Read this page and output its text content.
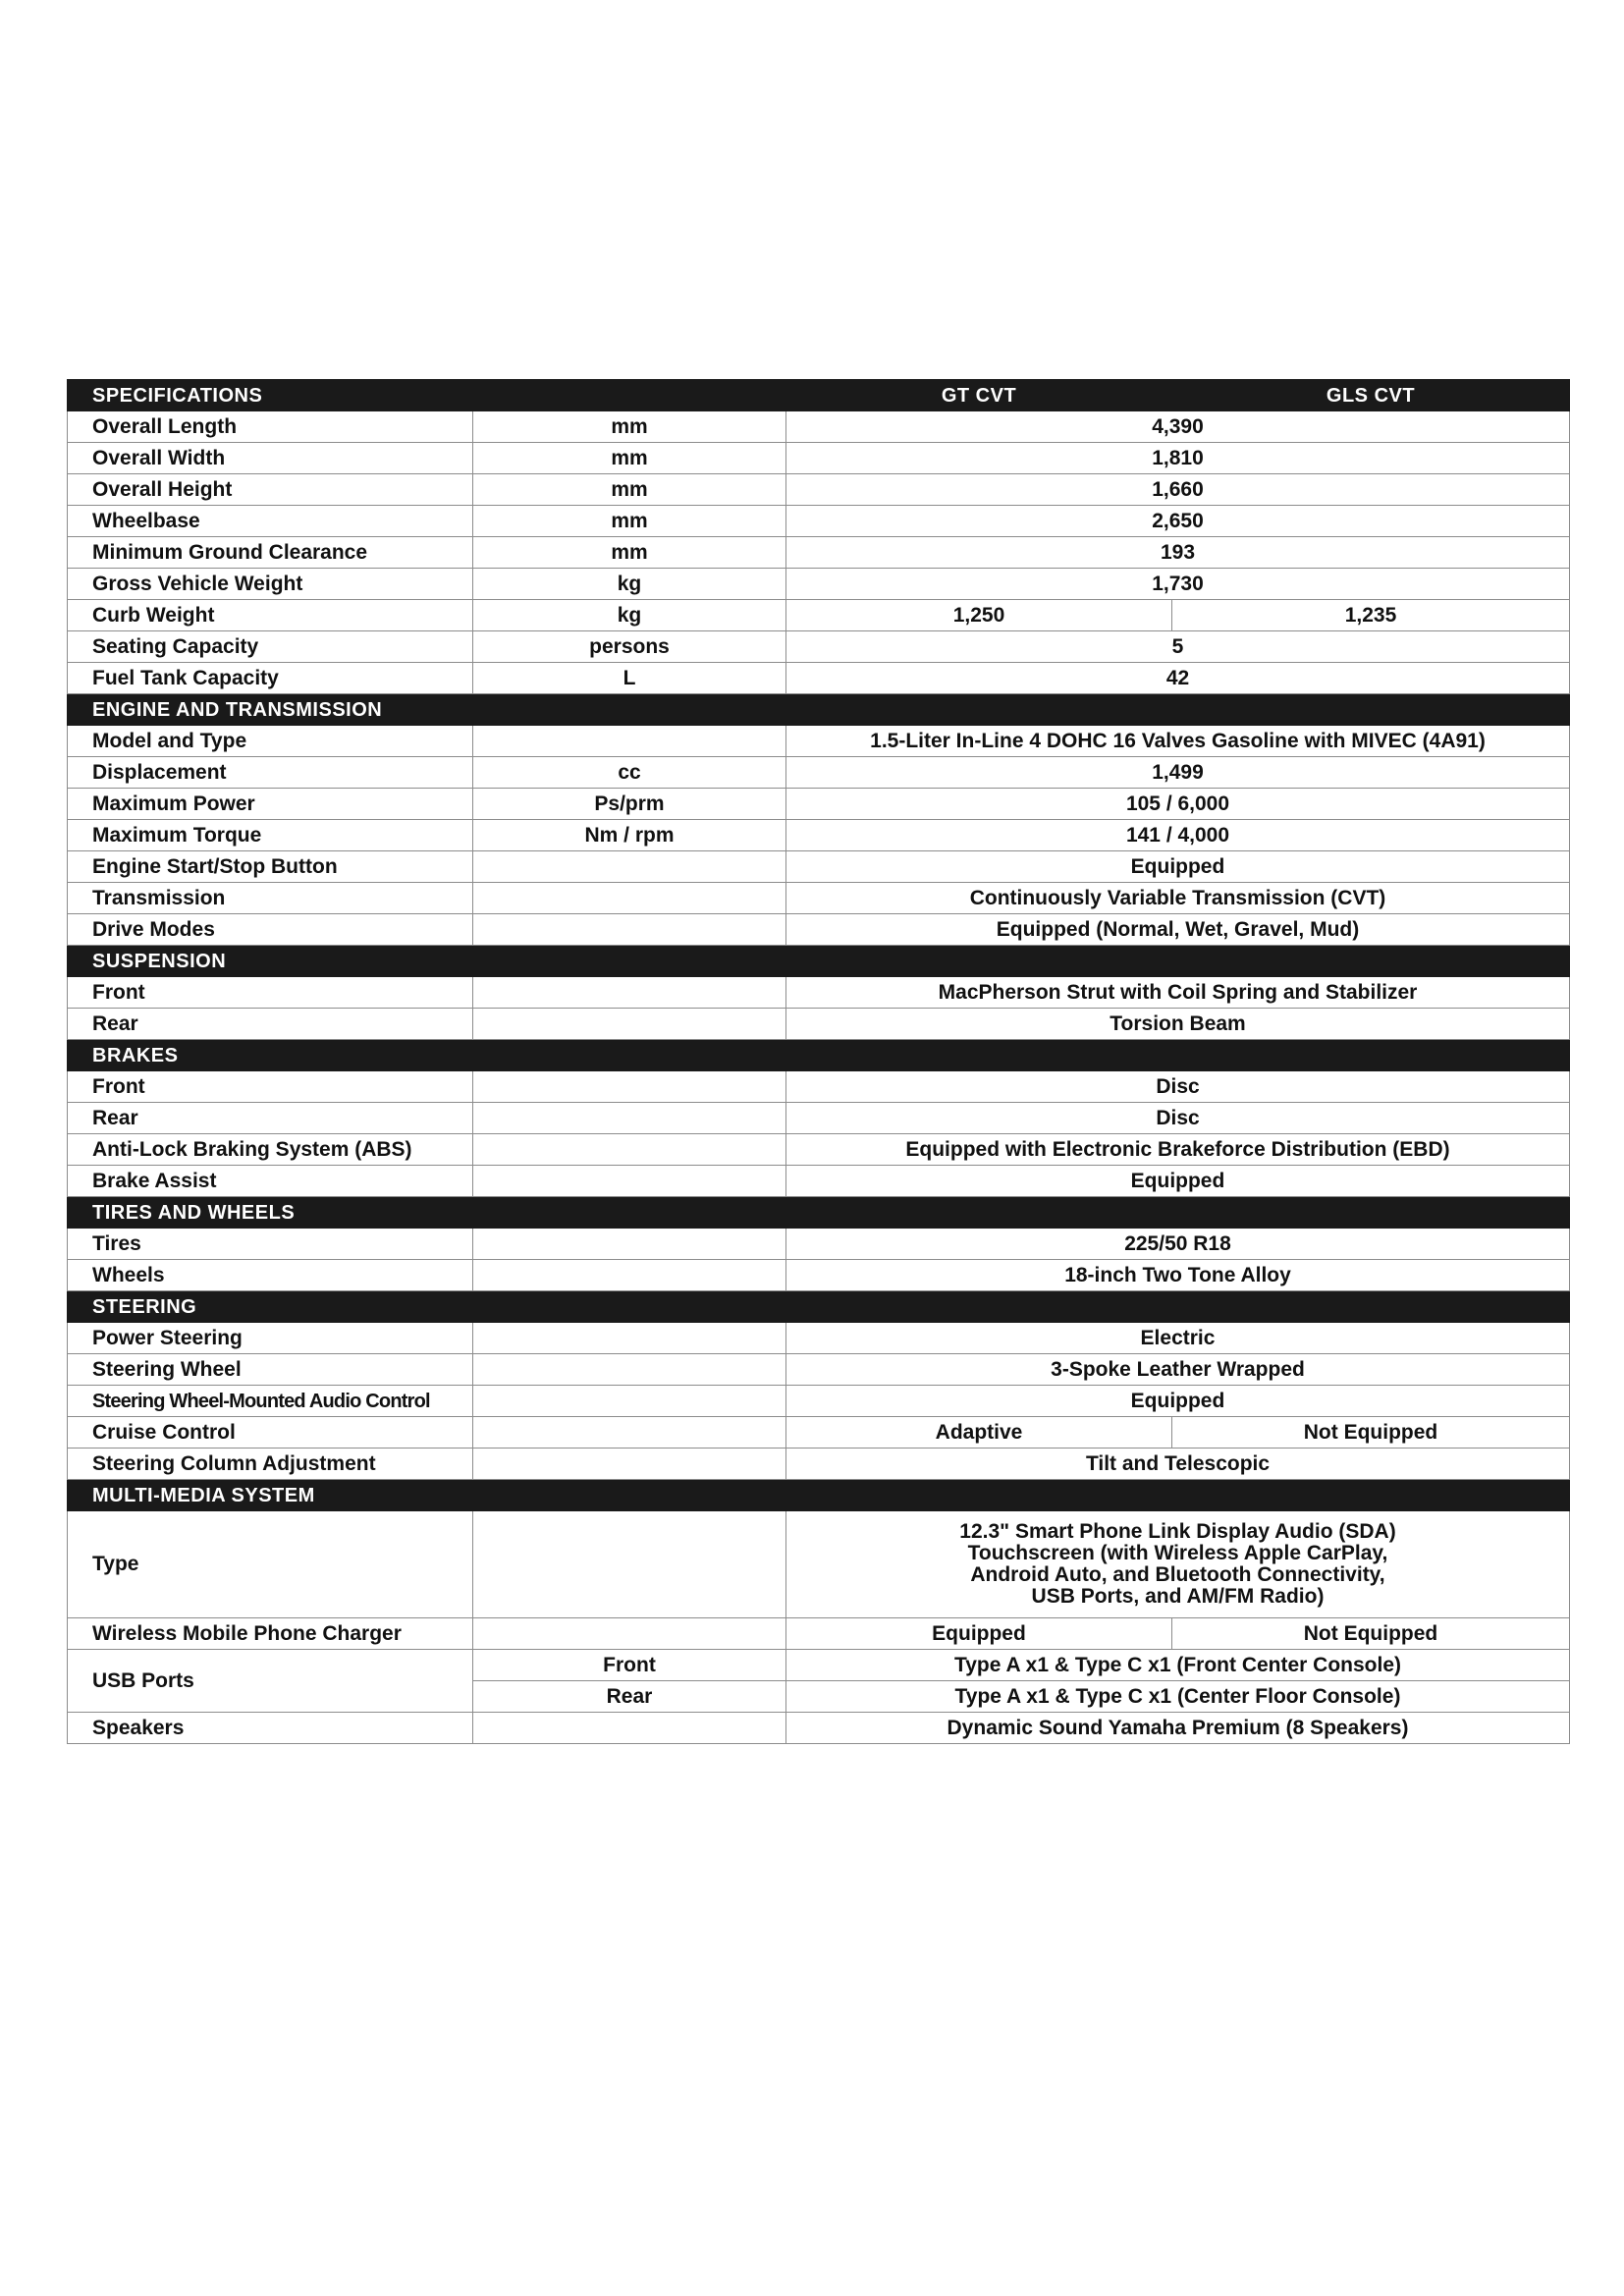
SPECIFICATIONS		GT CVT	GLS CVT
Overall Length	mm	4,390	
Overall Width	mm	1,810	
Overall Height	mm	1,660	
Wheelbase	mm	2,650	
Minimum Ground Clearance	mm	193	
Gross Vehicle Weight	kg	1,730	
Curb Weight	kg	1,250	1,235
Seating Capacity	persons	5	
Fuel Tank Capacity	L	42	
ENGINE AND TRANSMISSION			
Model and Type		1.5-Liter In-Line 4 DOHC 16 Valves Gasoline with MIVEC (4A91)	
Displacement	cc	1,499	
Maximum Power	Ps/prm	105 / 6,000	
Maximum Torque	Nm / rpm	141 / 4,000	
Engine Start/Stop Button		Equipped	
Transmission		Continuously Variable Transmission (CVT)	
Drive Modes		Equipped (Normal, Wet, Gravel, Mud)	
SUSPENSION			
Front		MacPherson Strut with Coil Spring and Stabilizer	
Rear		Torsion Beam	
BRAKES			
Front		Disc	
Rear		Disc	
Anti-Lock Braking System (ABS)		Equipped with Electronic Brakeforce Distribution (EBD)	
Brake Assist		Equipped	
TIRES AND WHEELS			
Tires		225/50 R18	
Wheels		18-inch Two Tone Alloy	
STEERING			
Power Steering		Electric	
Steering Wheel		3-Spoke Leather Wrapped	
Steering Wheel-Mounted Audio Control		Equipped	
Cruise Control		Adaptive	Not Equipped
Steering Column Adjustment		Tilt and Telescopic	
MULTI-MEDIA SYSTEM			
Type		12.3" Smart Phone Link Display Audio (SDA)
Touchscreen (with Wireless Apple CarPlay,
Android Auto, and Bluetooth Connectivity,
USB Ports, and AM/FM Radio)	

Wireless Mobile Phone Charger		Equipped	Not Equipped
USB Ports	Front	Type A x1 & Type C x1 (Front Center Console)	
	Rear	Type A x1 & Type C x1 (Center Floor Console)	
Speakers		Dynamic Sound Yamaha Premium (8 Speakers)	
